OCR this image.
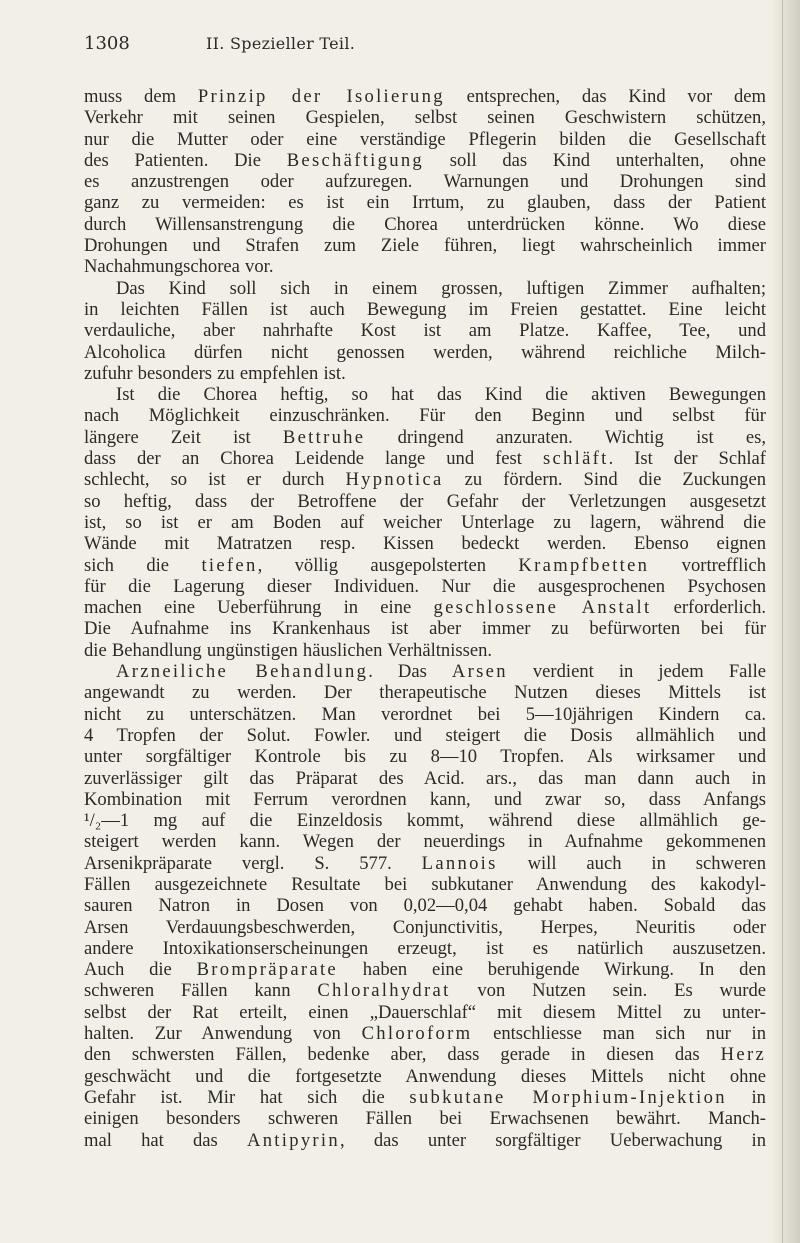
1308	II. Spezieller Teil.
muss dem Prinzip der Isolierung entsprechen, das Kind vor dem
Verkehr mit seinen Gespielen, selbst seinen Geschwistern schützen,
nur die Mutter oder eine verständige Pflegerin bilden die Gesellschaft
des Patienten. Die Beschäftigung soll das Kind unterhalten, ohne
es anzustrengen oder aufzuregen. Warnungen und Drohungen sind
ganz zu vermeiden: es ist ein Irrtum, zu glauben, dass der Patient
durch Willensanstrengung die Chorea unterdrücken könne. Wo diese
Drohungen und Strafen zum Ziele führen, liegt wahrscheinlich immer
Nachahmungschorea vor.
Das Kind soll sich in einem grossen, luftigen Zimmer aufhalten;
in leichten Fällen ist auch Bewegung im Freien gestattet. Eine leicht
verdauliche, aber nahrhafte Kost ist am Platze. Kaffee, Tee, und
Alcoholica dürfen nicht genossen werden, während reichliche Milch-
zufuhr besonders zu empfehlen ist.
Ist die Chorea heftig, so hat das Kind die aktiven Bewegungen
nach Möglichkeit einzuschränken. Für den Beginn und selbst für
längere Zeit ist Bettruhe dringend anzuraten. Wichtig ist es,
dass der an Chorea Leidende lange und fest schläft. Ist der Schlaf
schlecht, so ist er durch Hypnotica zu fördern. Sind die Zuckungen
so heftig, dass der Betroffene der Gefahr der Verletzungen ausgesetzt
ist, so ist er am Boden auf weicher Unterlage zu lagern, während die
Wände mit Matratzen resp. Kissen bedeckt werden. Ebenso eignen
sich die tiefen, völlig ausgepolsterten Krampfbetten vortrefflich
für die Lagerung dieser Individuen. Nur die ausgesprochenen Psychosen
machen eine Ueberführung in eine geschlossene Anstalt erforderlich.
Die Aufnahme ins Krankenhaus ist aber immer zu befürworten bei für
die Behandlung ungünstigen häuslichen Verhältnissen.
Arzneiliche Behandlung. Das Arsen verdient in jedem Falle
angewandt zu werden. Der therapeutische Nutzen dieses Mittels ist
nicht zu unterschätzen. Man verordnet bei 5—10jährigen Kindern ca.
4 Tropfen der Solut. Fowler. und steigert die Dosis allmählich und
unter sorgfältiger Kontrole bis zu 8—10 Tropfen. Als wirksamer und
zuverlässiger gilt das Präparat des Acid. ars., das man dann auch in
Kombination mit Ferrum verordnen kann, und zwar so, dass Anfangs
¹/₂—1 mg auf die Einzeldosis kommt, während diese allmählich ge-
steigert werden kann. Wegen der neuerdings in Aufnahme gekommenen
Arsenikpräparate vergl. S. 577. Lannois will auch in schweren
Fällen ausgezeichnete Resultate bei subkutaner Anwendung des kakodyl-
sauren Natron in Dosen von 0,02—0,04 gehabt haben. Sobald das
Arsen Verdauungsbeschwerden, Conjunctivitis, Herpes, Neuritis oder
andere Intoxikationserscheinungen erzeugt, ist es natürlich auszusetzen.
Auch die Brompräparate haben eine beruhigende Wirkung. In den
schweren Fällen kann Chloralhydrat von Nutzen sein. Es wurde
selbst der Rat erteilt, einen „Dauerschlaf“ mit diesem Mittel zu unter-
halten. Zur Anwendung von Chloroform entschliesse man sich nur in
den schwersten Fällen, bedenke aber, dass gerade in diesen das Herz
geschwächt und die fortgesetzte Anwendung dieses Mittels nicht ohne
Gefahr ist. Mir hat sich die subkutane Morphium-Injektion in
einigen besonders schweren Fällen bei Erwachsenen bewährt. Manch-
mal hat das Antipyrin, das unter sorgfältiger Ueberwachung in
